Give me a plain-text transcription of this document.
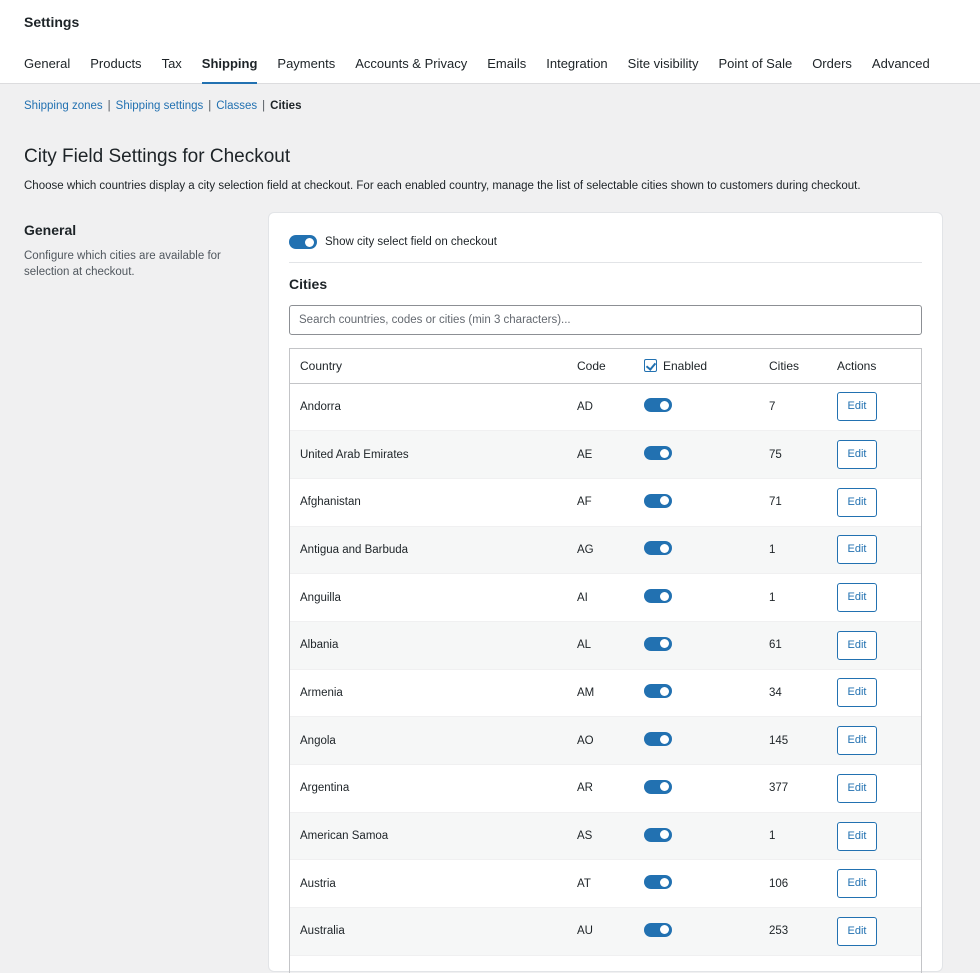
Settings
General	Products	Tax	Shipping	Payments	Accounts & Privacy	Emails	Integration	Site visibility	Point of Sale	Orders	Advanced
Shipping zones | Shipping settings | Classes | Cities
City Field Settings for Checkout
Choose which countries display a city selection field at checkout. For each enabled country, manage the list of selectable cities shown to customers during checkout.
General
Configure which cities are available for selection at checkout.
Show city select field on checkout
Cities
Search countries, codes or cities (min 3 characters)...
Country	Code	Enabled	Cities	Actions
Andorra	AD		7	Edit
United Arab Emirates	AE		75	Edit
Afghanistan	AF		71	Edit
Antigua and Barbuda	AG		1	Edit
Anguilla	AI		1	Edit
Albania	AL		61	Edit
Armenia	AM		34	Edit
Angola	AO		145	Edit
Argentina	AR		377	Edit
American Samoa	AS		1	Edit
Austria	AT		106	Edit
Australia	AU		253	Edit
